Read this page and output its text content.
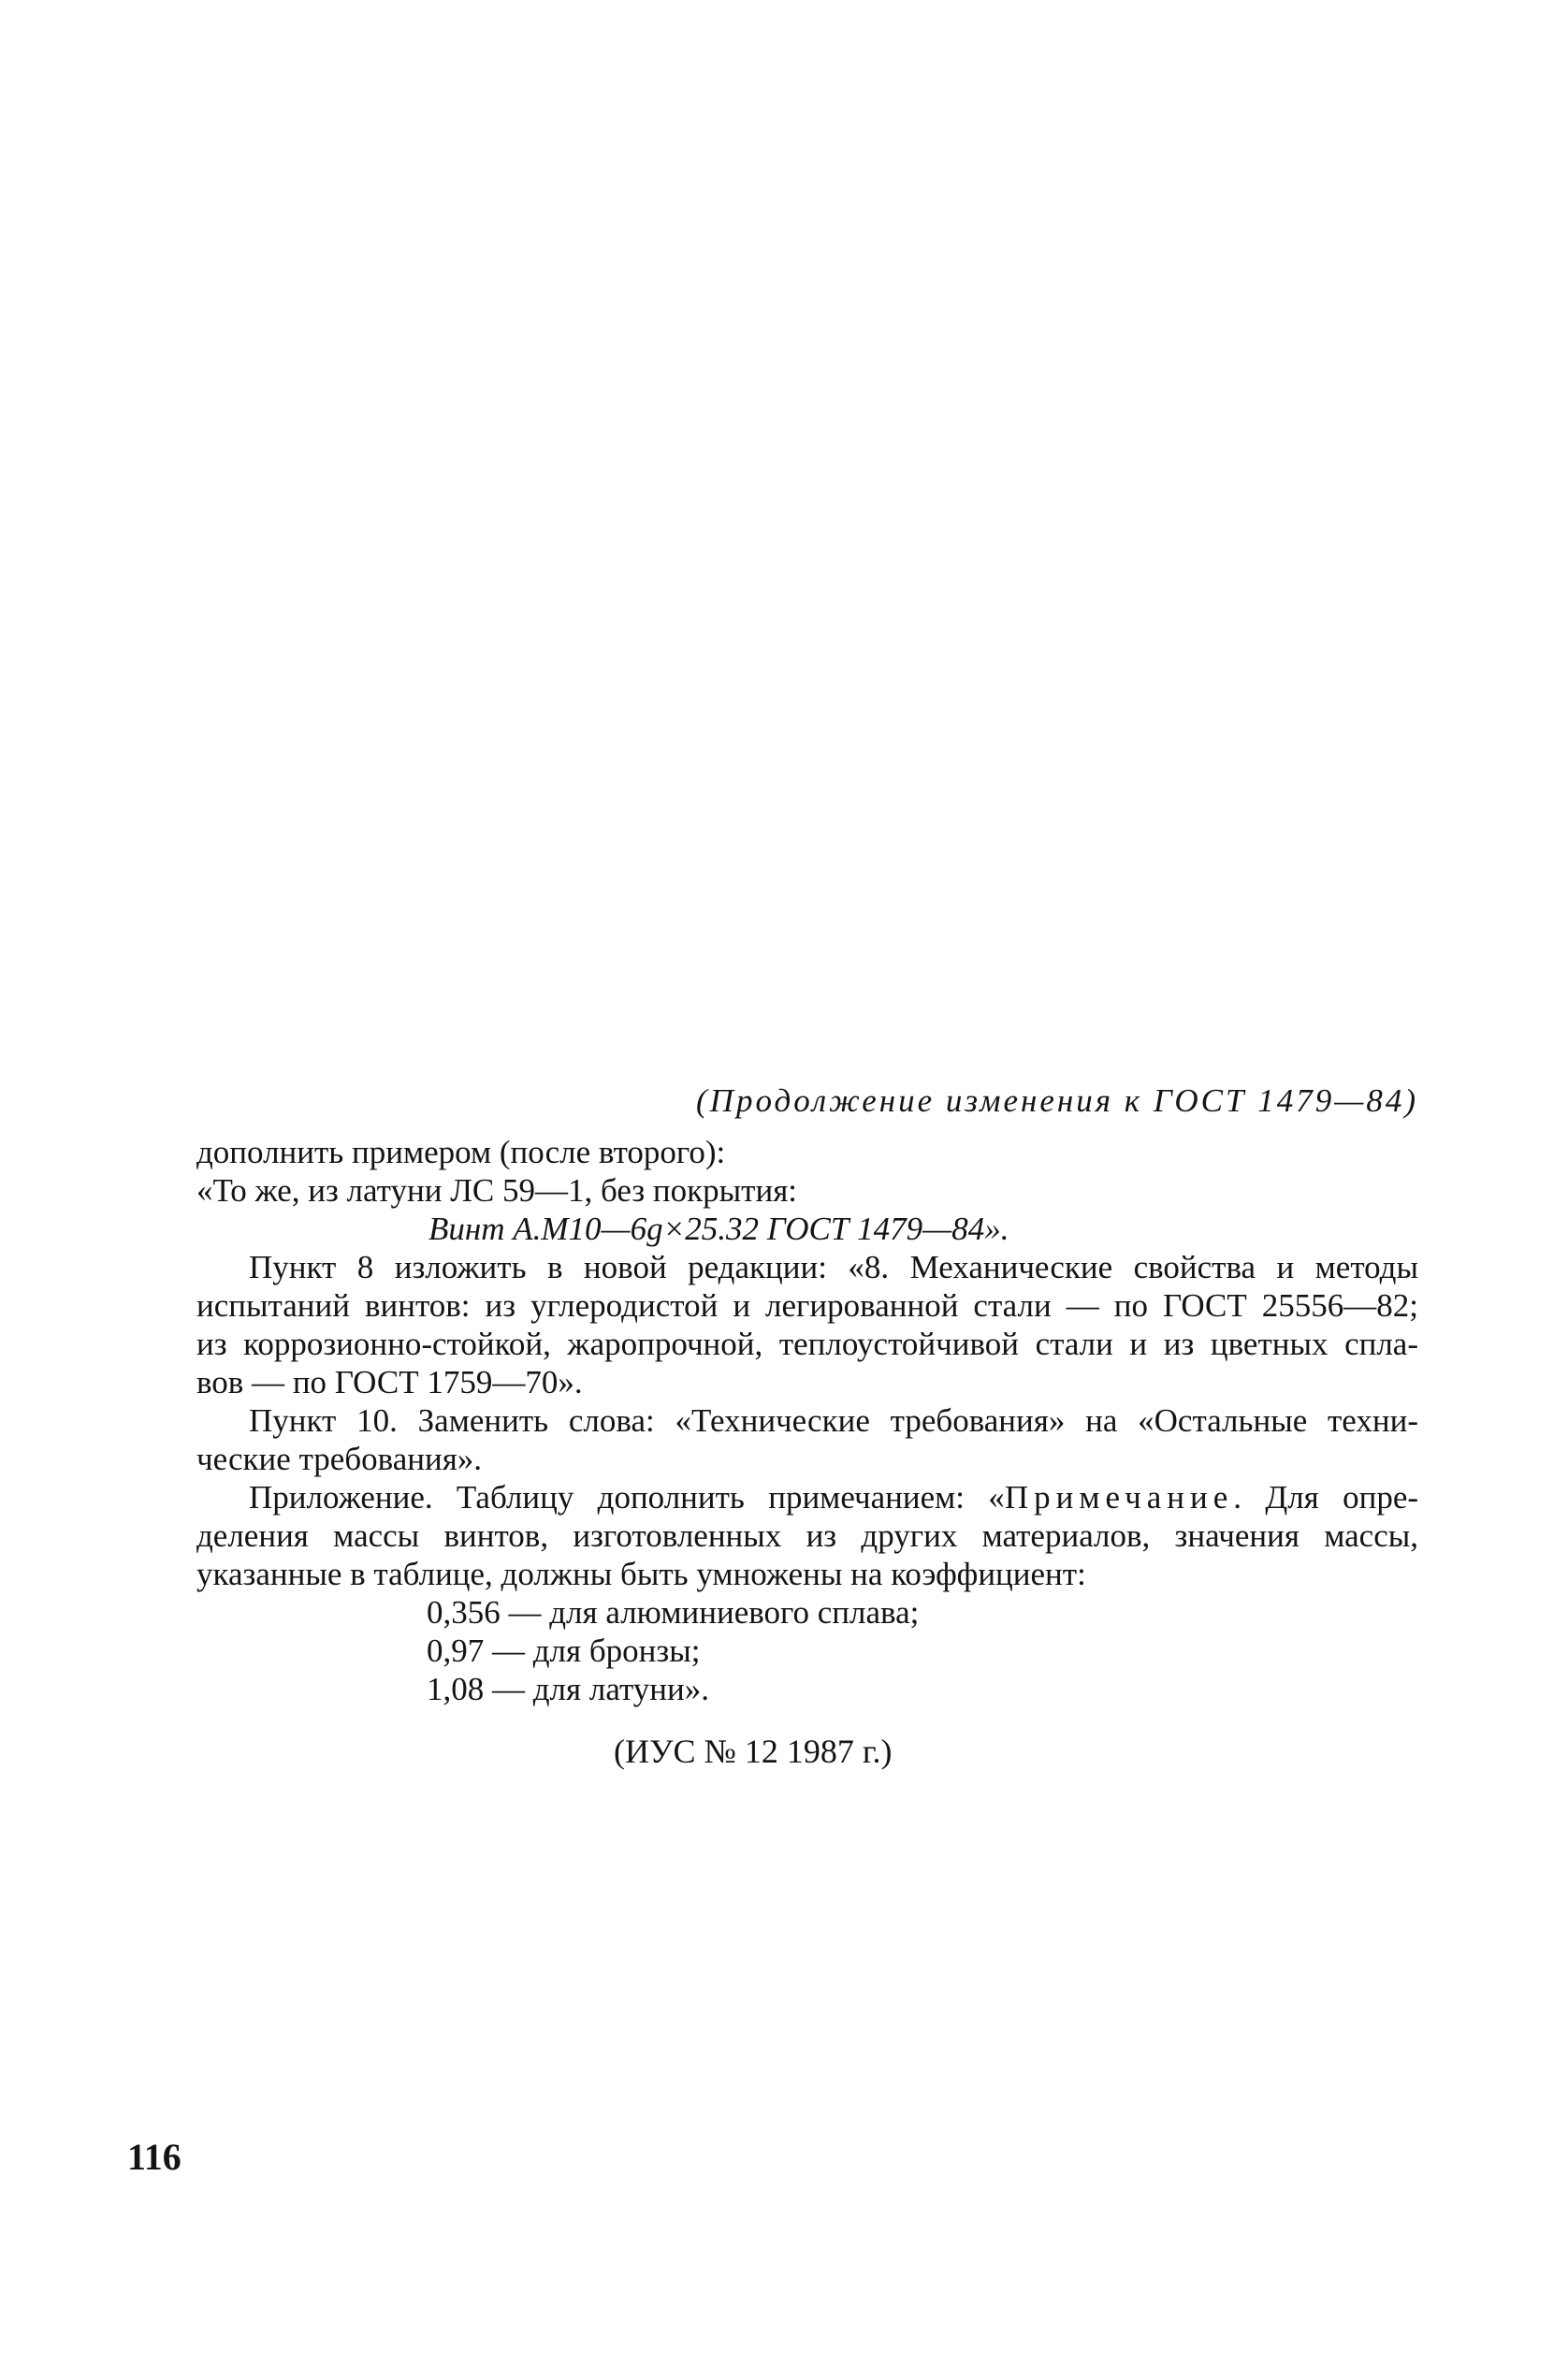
(Продолжение изменения к ГОСТ 1479—84)
дополнить примером (после второго):
«То же, из латуни ЛС 59—1, без покрытия:
Винт А.М10—6g×25.32 ГОСТ 1479—84».
Пункт 8 изложить в новой редакции: «8. Механические свойства и методы
испытаний винтов: из углеродистой и легированной стали — по ГОСТ 25556—82;
из коррозионно-стойкой, жаропрочной, теплоустойчивой стали и из цветных спла-
вов — по ГОСТ 1759—70».
Пункт 10. Заменить слова: «Технические требования» на «Остальные техни-
ческие требования».
Приложение. Таблицу дополнить примечанием: «Примечание. Для опре-
деления массы винтов, изготовленных из других материалов, значения массы,
указанные в таблице, должны быть умножены на коэффициент:
0,356 — для алюминиевого сплава;
0,97 — для бронзы;
1,08 — для латуни».
(ИУС № 12 1987 г.)
116
